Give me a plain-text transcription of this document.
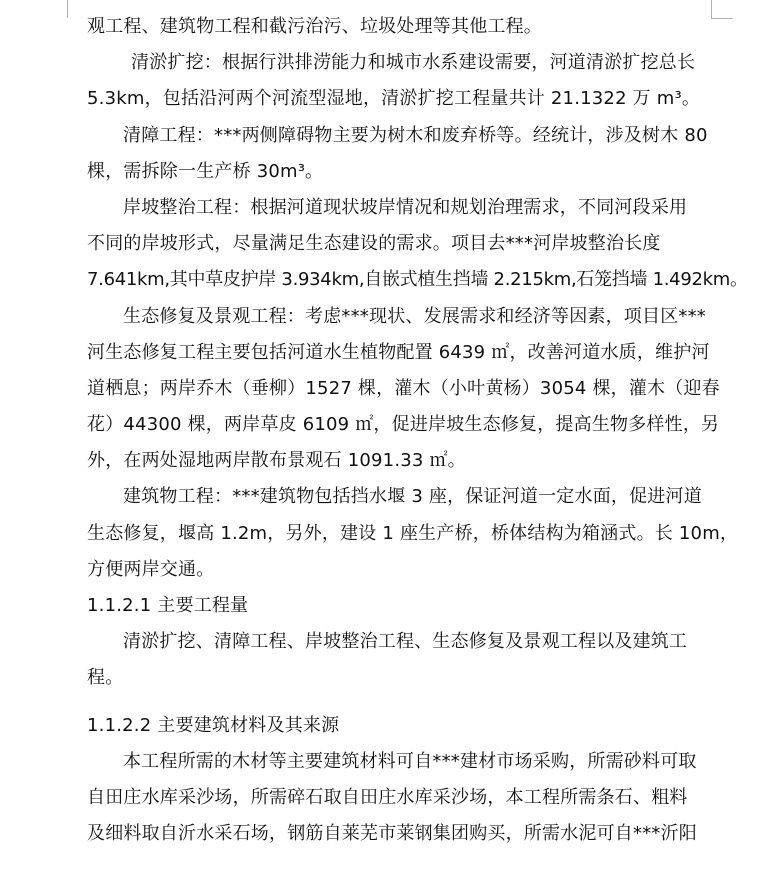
观工程、建筑物工程和截污治污、垃圾处理等其他工程。
清淤扩挖：根据行洪排涝能力和城市水系建设需要，河道清淤扩挖总长
5.3km，包括沿河两个河流型湿地，清淤扩挖工程量共计 21.1322 万 m³。
清障工程：***两侧障碍物主要为树木和废弃桥等。经统计，涉及树木 80
棵，需拆除一生产桥 30m³。
岸坡整治工程：根据河道现状坡岸情况和规划治理需求，不同河段采用
不同的岸坡形式，尽量满足生态建设的需求。项目去***河岸坡整治长度
7.641km,其中草皮护岸 3.934km,自嵌式植生挡墙 2.215km,石笼挡墙 1.492km。
生态修复及景观工程：考虑***现状、发展需求和经济等因素，项目区***
河生态修复工程主要包括河道水生植物配置 6439 ㎡，改善河道水质，维护河
道栖息；两岸乔木（垂柳）1527 棵，灌木（小叶黄杨）3054 棵，灌木（迎春
花）44300 棵，两岸草皮 6109 ㎡，促进岸坡生态修复，提高生物多样性，另
外，在两处湿地两岸散布景观石 1091.33 ㎡。
建筑物工程：***建筑物包括挡水堰 3 座，保证河道一定水面，促进河道
生态修复，堰高 1.2m，另外，建设 1 座生产桥，桥体结构为箱涵式。长 10m，
方便两岸交通。
1.1.2.1 主要工程量
清淤扩挖、清障工程、岸坡整治工程、生态修复及景观工程以及建筑工
程。
1.1.2.2 主要建筑材料及其来源
本工程所需的木材等主要建筑材料可自***建材市场采购，所需砂料可取
自田庄水库采沙场，所需碎石取自田庄水库采沙场，本工程所需条石、粗料
及细料取自沂水采石场，钢筋自莱芜市莱钢集团购买，所需水泥可自***沂阳
